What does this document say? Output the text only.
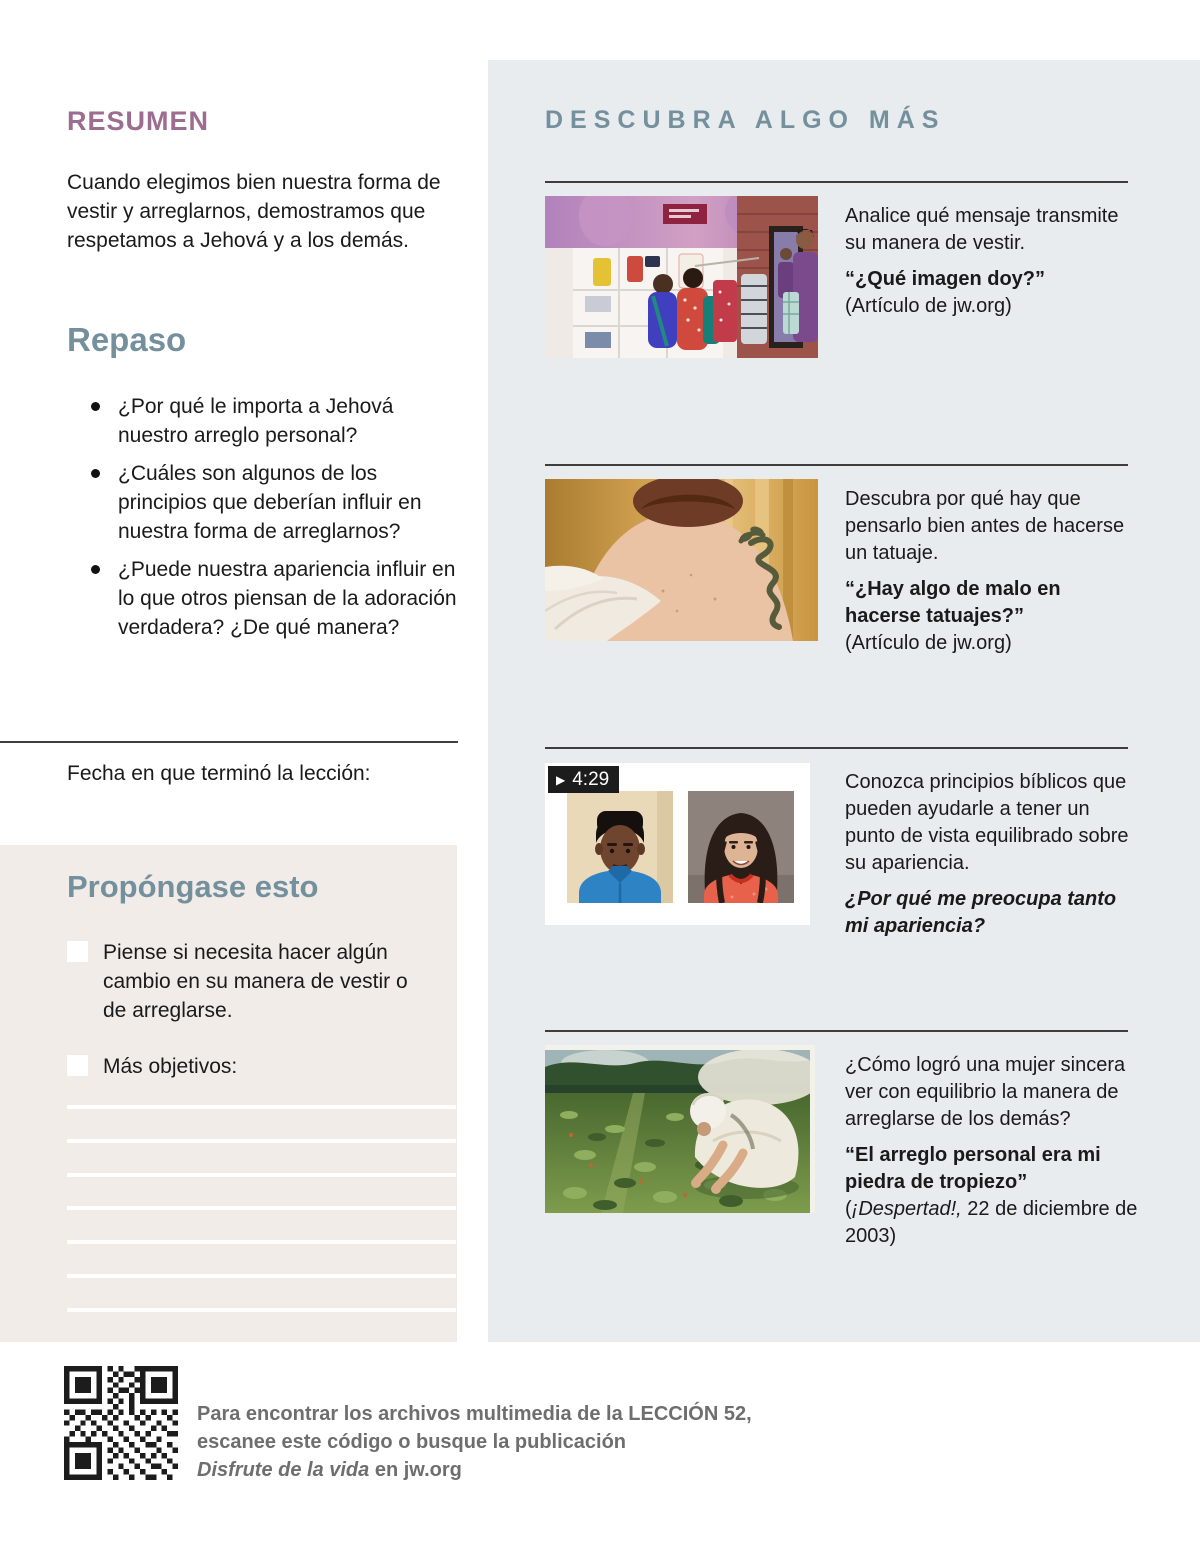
RESUMEN

Cuando elegimos bien nuestra forma de vestir y arreglarnos, demostramos que respetamos a Jehová y a los demás.

Repaso
¿Por qué le importa a Jehová nuestro arreglo personal?
¿Cuáles son algunos de los principios que deberían influir en nuestra forma de arreglarnos?
¿Puede nuestra apariencia influir en lo que otros piensan de la adoración verdadera? ¿De qué manera?
Fecha en que terminó la lección:
Propóngase esto
Piense si necesita hacer algún cambio en su manera de vestir o de arreglarse.
Más objetivos:
DESCUBRA ALGO MÁS

Analice qué mensaje transmite su manera de vestir.

“¿Qué imagen doy?”
(Artículo de jw.org)

Descubra por qué hay que pensarlo bien antes de hacerse un tatuaje.

“¿Hay algo de malo en hacerse tatuajes?”
(Artículo de jw.org)
▶ 4:29	Conozca principios bíblicos que pueden ayudarle a tener un punto de vista equilibrado sobre su apariencia.

¿Por qué me preocupa tanto mi apariencia?

¿Cómo logró una mujer sincera ver con equilibrio la manera de arreglarse de los demás?

“El arreglo personal era mi piedra de tropiezo”
(¡Despertad!, 22 de diciembre de 2003)
Para encontrar los archivos multimedia de la LECCIÓN 52,
escanee este código o busque la publicación
Disfrute de la vida en jw.org
